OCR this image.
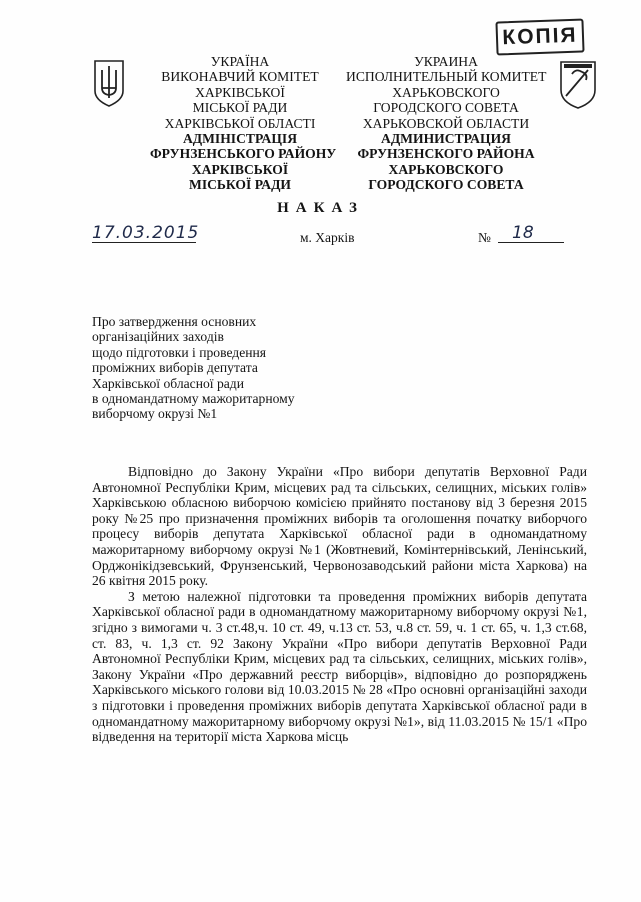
КОПІЯ
УКРАЇНА
ВИКОНАВЧИЙ КОМІТЕТ
ХАРКІВСЬКОЇ
МІСЬКОЇ РАДИ
ХАРКІВСЬКОЇ ОБЛАСТІ
АДМІНІСТРАЦІЯ
ФРУНЗЕНСЬКОГО РАЙОНУ
ХАРКІВСЬКОЇ
МІСЬКОЇ РАДИ
УКРАИНА
ИСПОЛНИТЕЛЬНЫЙ КОМИТЕТ
ХАРЬКОВСКОГО
ГОРОДСКОГО СОВЕТА
ХАРЬКОВСКОЙ ОБЛАСТИ
АДМИНИСТРАЦИЯ
ФРУНЗЕНСКОГО РАЙОНА
ХАРЬКОВСКОГО
ГОРОДСКОГО СОВЕТА
НАКАЗ
17.03.2015	м. Харків	№	18
Про затвердження основних
організаційних заходів
щодо підготовки і проведення
проміжних виборів депутата
Харківської обласної ради
в одномандатному мажоритарному
виборчому окрузі №1

Відповідно до Закону України «Про вибори депутатів Верховної Ради Автономної Республіки Крим, місцевих рад та сільських, селищних, міських голів» Харківською обласною виборчою комісією прийнято постанову від 3 березня 2015 року №25 про призначення проміжних виборів та оголошення початку виборчого процесу виборів депутата Харківської обласної ради в одномандатному мажоритарному виборчому окрузі №1 (Жовтневий, Комінтернівський, Ленінський, Орджонікідзевський, Фрунзенський, Червонозаводський райони міста Харкова) на 26 квітня 2015 року.

З метою належної підготовки та проведення проміжних виборів депутата Харківської обласної ради в одномандатному мажоритарному виборчому окрузі №1, згідно з вимогами ч. 3 ст.48,ч. 10 ст. 49, ч.13 ст. 53, ч.8 ст. 59, ч. 1 ст. 65, ч. 1,3 ст.68, ст. 83, ч. 1,3 ст. 92 Закону України «Про вибори депутатів Верховної Ради Автономної Республіки Крим, місцевих рад та сільських, селищних, міських голів», Закону України «Про державний реєстр виборців», відповідно до розпоряджень Харківського міського голови від 10.03.2015 № 28 «Про основні організаційні заходи з підготовки і проведення проміжних виборів депутата Харківської обласної ради в одномандатному мажоритарному виборчому окрузі №1», від 11.03.2015 № 15/1 «Про відведення на території міста Харкова місць
